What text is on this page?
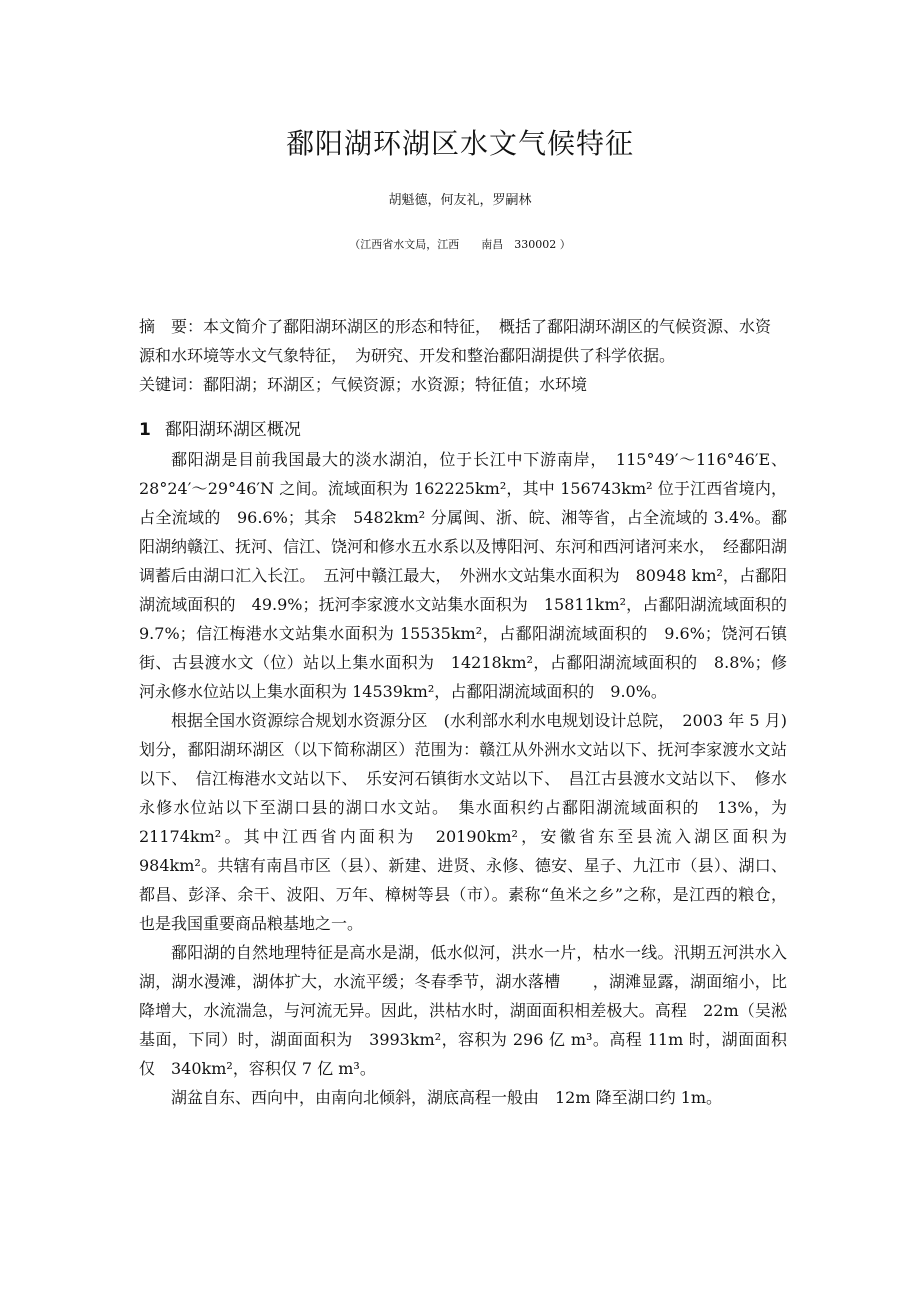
鄱阳湖环湖区水文气候特征
胡魁德，何友礼，罗嗣林
（江西省水文局，江西　　南昌　330002 ）

摘　要：本文简介了鄱阳湖环湖区的形态和特征，　概括了鄱阳湖环湖区的气候资源、水资源和水环境等水文气象特征，　为研究、开发和整治鄱阳湖提供了科学依据。

关键词：鄱阳湖；环湖区；气候资源；水资源；特征值；水环境

1 鄱阳湖环湖区概况

鄱阳湖是目前我国最大的淡水湖泊，位于长江中下游南岸，　115°49′～116°46′E、28°24′～29°46′N 之间。流域面积为 162225km²，其中 156743km² 位于江西省境内，占全流域的　96.6%；其余　5482km² 分属闽、浙、皖、湘等省，占全流域的 3.4%。鄱阳湖纳赣江、抚河、信江、饶河和修水五水系以及博阳河、东河和西河诸河来水，　经鄱阳湖调蓄后由湖口汇入长江。　五河中赣江最大，　外洲水文站集水面积为　80948 km²，占鄱阳湖流域面积的　49.9%；抚河李家渡水文站集水面积为　15811km²，占鄱阳湖流域面积的　9.7%；信江梅港水文站集水面积为 15535km²，占鄱阳湖流域面积的　9.6%；饶河石镇街、古县渡水文（位）站以上集水面积为　14218km²，占鄱阳湖流域面积的　8.8%；修河永修水位站以上集水面积为 14539km²，占鄱阳湖流域面积的　9.0%。

根据全国水资源综合规划水资源分区　(水利部水利水电规划设计总院，　2003 年 5 月)划分，鄱阳湖环湖区（以下简称湖区）范围为：赣江从外洲水文站以下、抚河李家渡水文站以下、　信江梅港水文站以下、　乐安河石镇街水文站以下、　昌江古县渡水文站以下、　修水永修水位站以下至湖口县的湖口水文站。　集水面积约占鄱阳湖流域面积的　13%，为 21174km²。其中江西省内面积为　20190km²，安徽省东至县流入湖区面积为　984km²。共辖有南昌市区（县）、新建、进贤、永修、德安、星子、九江市（县）、湖口、都昌、彭泽、余干、波阳、万年、樟树等县（市）。素称“鱼米之乡”之称，是江西的粮仓，也是我国重要商品粮基地之一。

鄱阳湖的自然地理特征是高水是湖，低水似河，洪水一片，枯水一线。汛期五河洪水入湖，湖水漫滩，湖体扩大，水流平缓；冬春季节，湖水落槽　　，湖滩显露，湖面缩小，比降增大，水流湍急，与河流无异。因此，洪枯水时，湖面面积相差极大。高程　22m（吴淞基面，下同）时，湖面面积为　3993km²，容积为 296 亿 m³。高程 11m 时，湖面面积仅　340km²，容积仅 7 亿 m³。

湖盆自东、西向中，由南向北倾斜，湖底高程一般由　12m 降至湖口约 1m。
